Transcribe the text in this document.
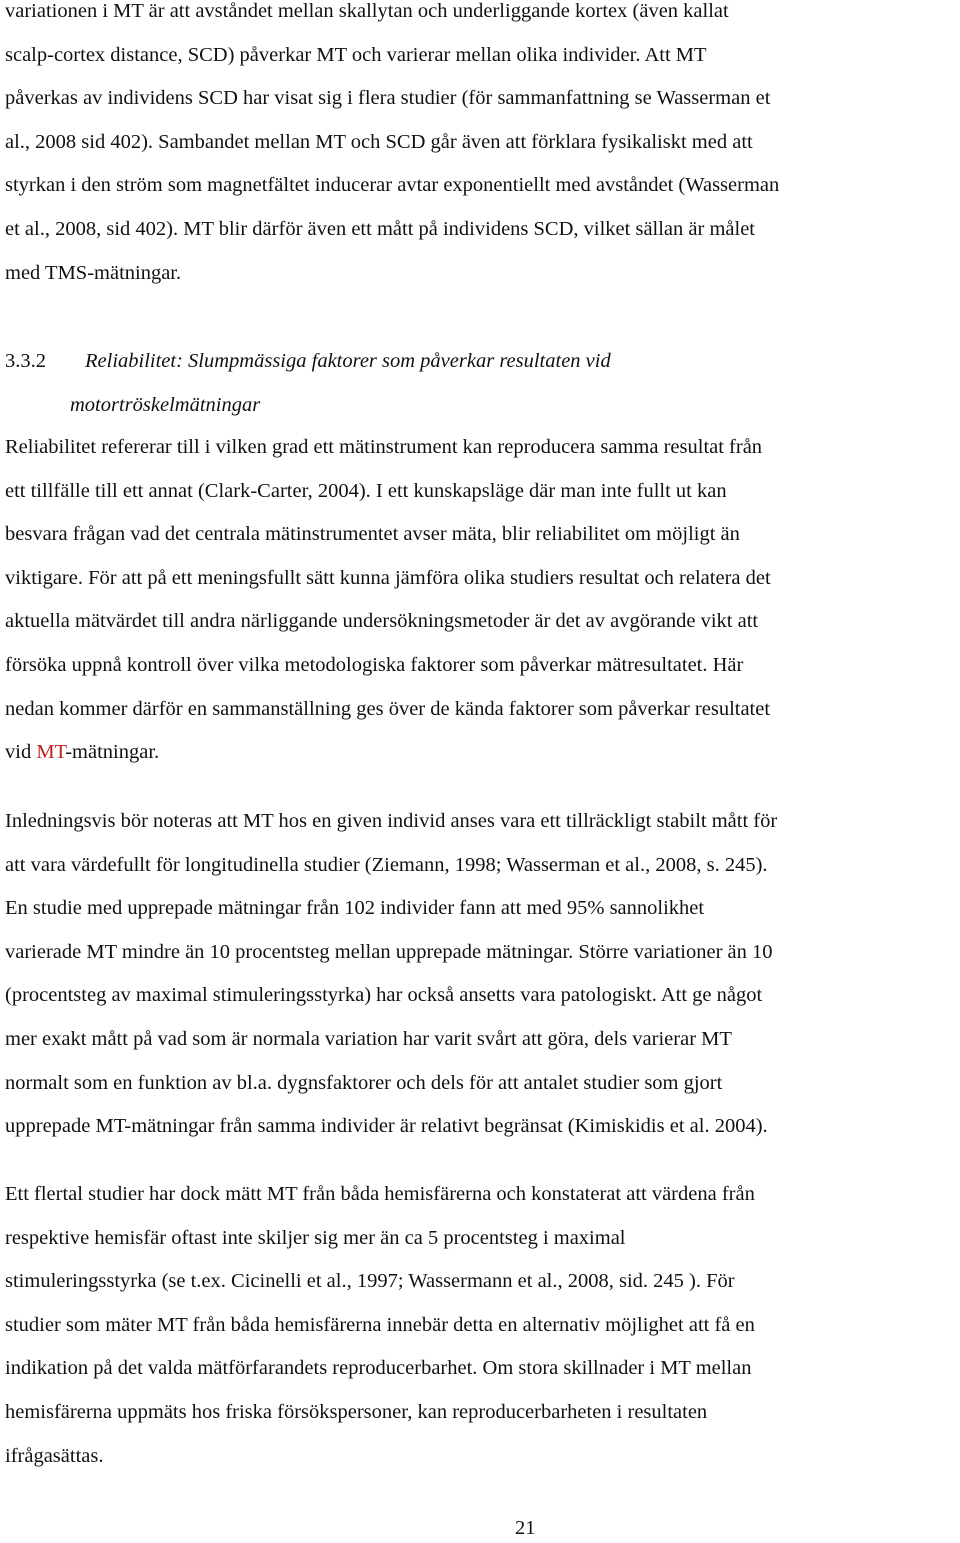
variationen i MT är att avståndet mellan skallytan och underliggande kortex (även kallat
scalp-cortex distance, SCD) påverkar MT och varierar mellan olika individer. Att MT
påverkas av individens SCD har visat sig i flera studier (för sammanfattning se Wasserman et
al., 2008 sid 402). Sambandet mellan MT och SCD går även att förklara fysikaliskt med att
styrkan i den ström som magnetfältet inducerar avtar exponentiellt med avståndet (Wasserman
et al., 2008, sid 402). MT blir därför även ett mått på individens SCD, vilket sällan är målet
med TMS-mätningar.

3.3.2 Reliabilitet: Slumpmässiga faktorer som påverkar resultaten vid
motortröskelmätningar

Reliabilitet refererar till i vilken grad ett mätinstrument kan reproducera samma resultat från
ett tillfälle till ett annat (Clark-Carter, 2004). I ett kunskapsläge där man inte fullt ut kan
besvara frågan vad det centrala mätinstrumentet avser mäta, blir reliabilitet om möjligt än
viktigare. För att på ett meningsfullt sätt kunna jämföra olika studiers resultat och relatera det
aktuella mätvärdet till andra närliggande undersökningsmetoder är det av avgörande vikt att
försöka uppnå kontroll över vilka metodologiska faktorer som påverkar mätresultatet. Här
nedan kommer därför en sammanställning ges över de kända faktorer som påverkar resultatet
vid MT-mätningar.

Inledningsvis bör noteras att MT hos en given individ anses vara ett tillräckligt stabilt mått för
att vara värdefullt för longitudinella studier (Ziemann, 1998; Wasserman et al., 2008, s. 245).
En studie med upprepade mätningar från 102 individer fann att med 95% sannolikhet
varierade MT mindre än 10 procentsteg mellan upprepade mätningar. Större variationer än 10
(procentsteg av maximal stimuleringsstyrka) har också ansetts vara patologiskt. Att ge något
mer exakt mått på vad som är normala variation har varit svårt att göra, dels varierar MT
normalt som en funktion av bl.a. dygnsfaktorer och dels för att antalet studier som gjort
upprepade MT-mätningar från samma individer är relativt begränsat (Kimiskidis et al. 2004).

Ett flertal studier har dock mätt MT från båda hemisfärerna och konstaterat att värdena från
respektive hemisfär oftast inte skiljer sig mer än ca 5 procentsteg i maximal
stimuleringsstyrka (se t.ex. Cicinelli et al., 1997; Wassermann et al., 2008, sid. 245 ). För
studier som mäter MT från båda hemisfärerna innebär detta en alternativ möjlighet att få en
indikation på det valda mätförfarandets reproducerbarhet. Om stora skillnader i MT mellan
hemisfärerna uppmäts hos friska försökspersoner, kan reproducerbarheten i resultaten
ifrågasättas.

21
